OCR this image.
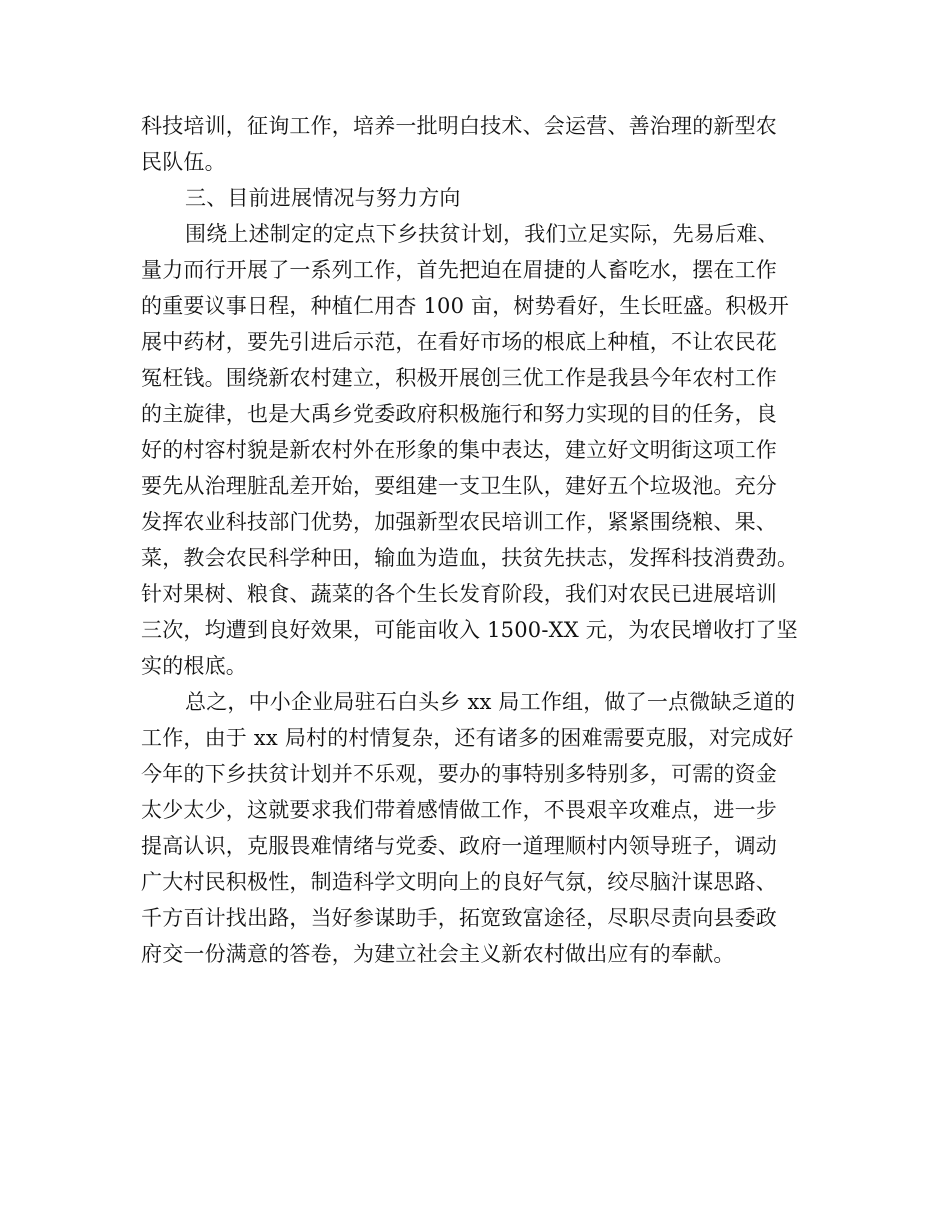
科技培训，征询工作，培养一批明白技术、会运营、善治理的新型农
民队伍。
三、目前进展情况与努力方向
围绕上述制定的定点下乡扶贫计划，我们立足实际，先易后难、
量力而行开展了一系列工作，首先把迫在眉捷的人畜吃水，摆在工作
的重要议事日程，种植仁用杏 100 亩，树势看好，生长旺盛。积极开
展中药材，要先引进后示范，在看好市场的根底上种植，不让农民花
冤枉钱。围绕新农村建立，积极开展创三优工作是我县今年农村工作
的主旋律，也是大禹乡党委政府积极施行和努力实现的目的任务，良
好的村容村貌是新农村外在形象的集中表达，建立好文明街这项工作
要先从治理脏乱差开始，要组建一支卫生队，建好五个垃圾池。充分
发挥农业科技部门优势，加强新型农民培训工作，紧紧围绕粮、果、
菜，教会农民科学种田，输血为造血，扶贫先扶志，发挥科技消费劲。
针对果树、粮食、蔬菜的各个生长发育阶段，我们对农民已进展培训
三次，均遭到良好效果，可能亩收入 1500-XX 元，为农民增收打了坚
实的根底。
总之，中小企业局驻石白头乡 xx 局工作组，做了一点微缺乏道的
工作，由于 xx 局村的村情复杂，还有诸多的困难需要克服，对完成好
今年的下乡扶贫计划并不乐观，要办的事特别多特别多，可需的资金
太少太少，这就要求我们带着感情做工作，不畏艰辛攻难点，进一步
提高认识，克服畏难情绪与党委、政府一道理顺村内领导班子，调动
广大村民积极性，制造科学文明向上的良好气氛，绞尽脑汁谋思路、
千方百计找出路，当好参谋助手，拓宽致富途径，尽职尽责向县委政
府交一份满意的答卷，为建立社会主义新农村做出应有的奉献。
